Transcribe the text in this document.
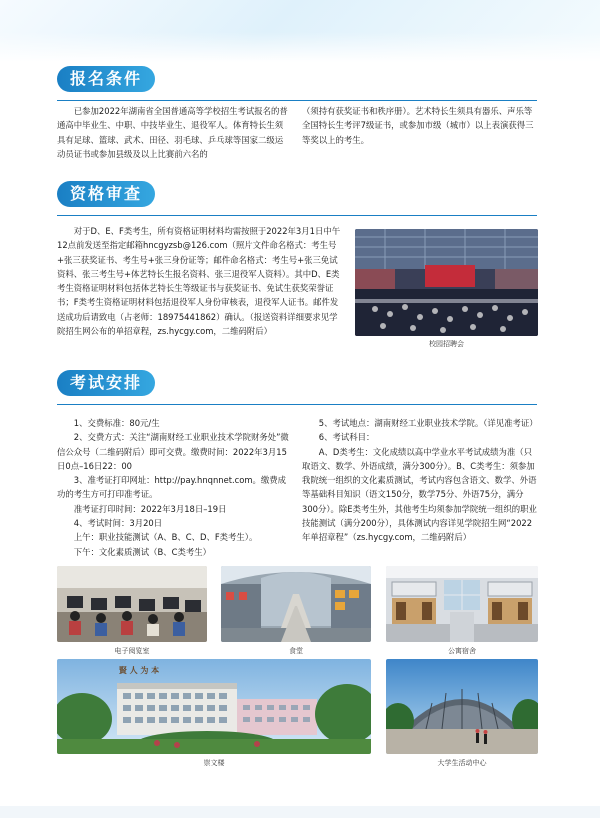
报名条件
已参加2022年湖南省全国普通高等学校招生考试报名的普通高中毕业生、中职、中技毕业生、退役军人。体育特长生须具有足球、篮球、武术、田径、羽毛球、乒乓球等国家二级运动员证书或参加县级及以上比赛前六名的
（须持有获奖证书和秩序册）。艺术特长生须具有器乐、声乐等全国特长生考评7级证书，或参加市级（城市）以上表演获得三等奖以上的考生。
资格审查
对于D、E、F类考生，所有资格证明材料均需按照于2022年3月1日中午12点前发送至指定邮箱hncgyzsb@126.com（照片文件命名格式：考生号+张三获奖证书、考生号+张三身份证等；邮件命名格式：考生号+张三免试资料、张三考生号+体艺特长生报名资料、张三退役军人资料）。其中D、E类考生资格证明材料包括体艺特长生等级证书与获奖证书、免试生获奖荣誉证书；F类考生资格证明材料包括退役军人身份审核表，退役军人证书。邮件发送成功后请致电（占老师：18975441862）确认。（报送资料详细要求见学院招生网公布的单招章程，zs.hycgy.com，二维码附后）
校园招聘会
考试安排
1、交费标准：80元/生
2、交费方式：关注“湖南财经工业职业技术学院财务处”微信公众号（二维码附后）即可交费。缴费时间：2022年3月15日0点–16日22：00
3、准考证打印网址：http://pay.hnqnnet.com。缴费成功的考生方可打印准考证。
准考证打印时间：2022年3月18日–19日
4、考试时间：3月20日
上午：职业技能测试（A、B、C、D、F类考生）。
下午：文化素质测试（B、C类考生）
5、考试地点：湖南财经工业职业技术学院。（详见准考证）
6、考试科目：
A、D类考生：文化成绩以高中学业水平考试成绩为准（只取语文、数学、外语成绩，满分300分）。B、C类考生：须参加我院统一组织的文化素质测试，考试内容包含语文、数学、外语等基础科目知识（语文150分，数学75分、外语75分，满分300分）。除E类考生外，其他考生均须参加学院统一组织的职业技能测试（满分200分），具体测试内容详见学院招生网“2022年单招章程”（zs.hycgy.com，二维码附后）
电子阅览室	食堂	公寓宿舍
賢 人 为 本
崇文楼	大学生活动中心
